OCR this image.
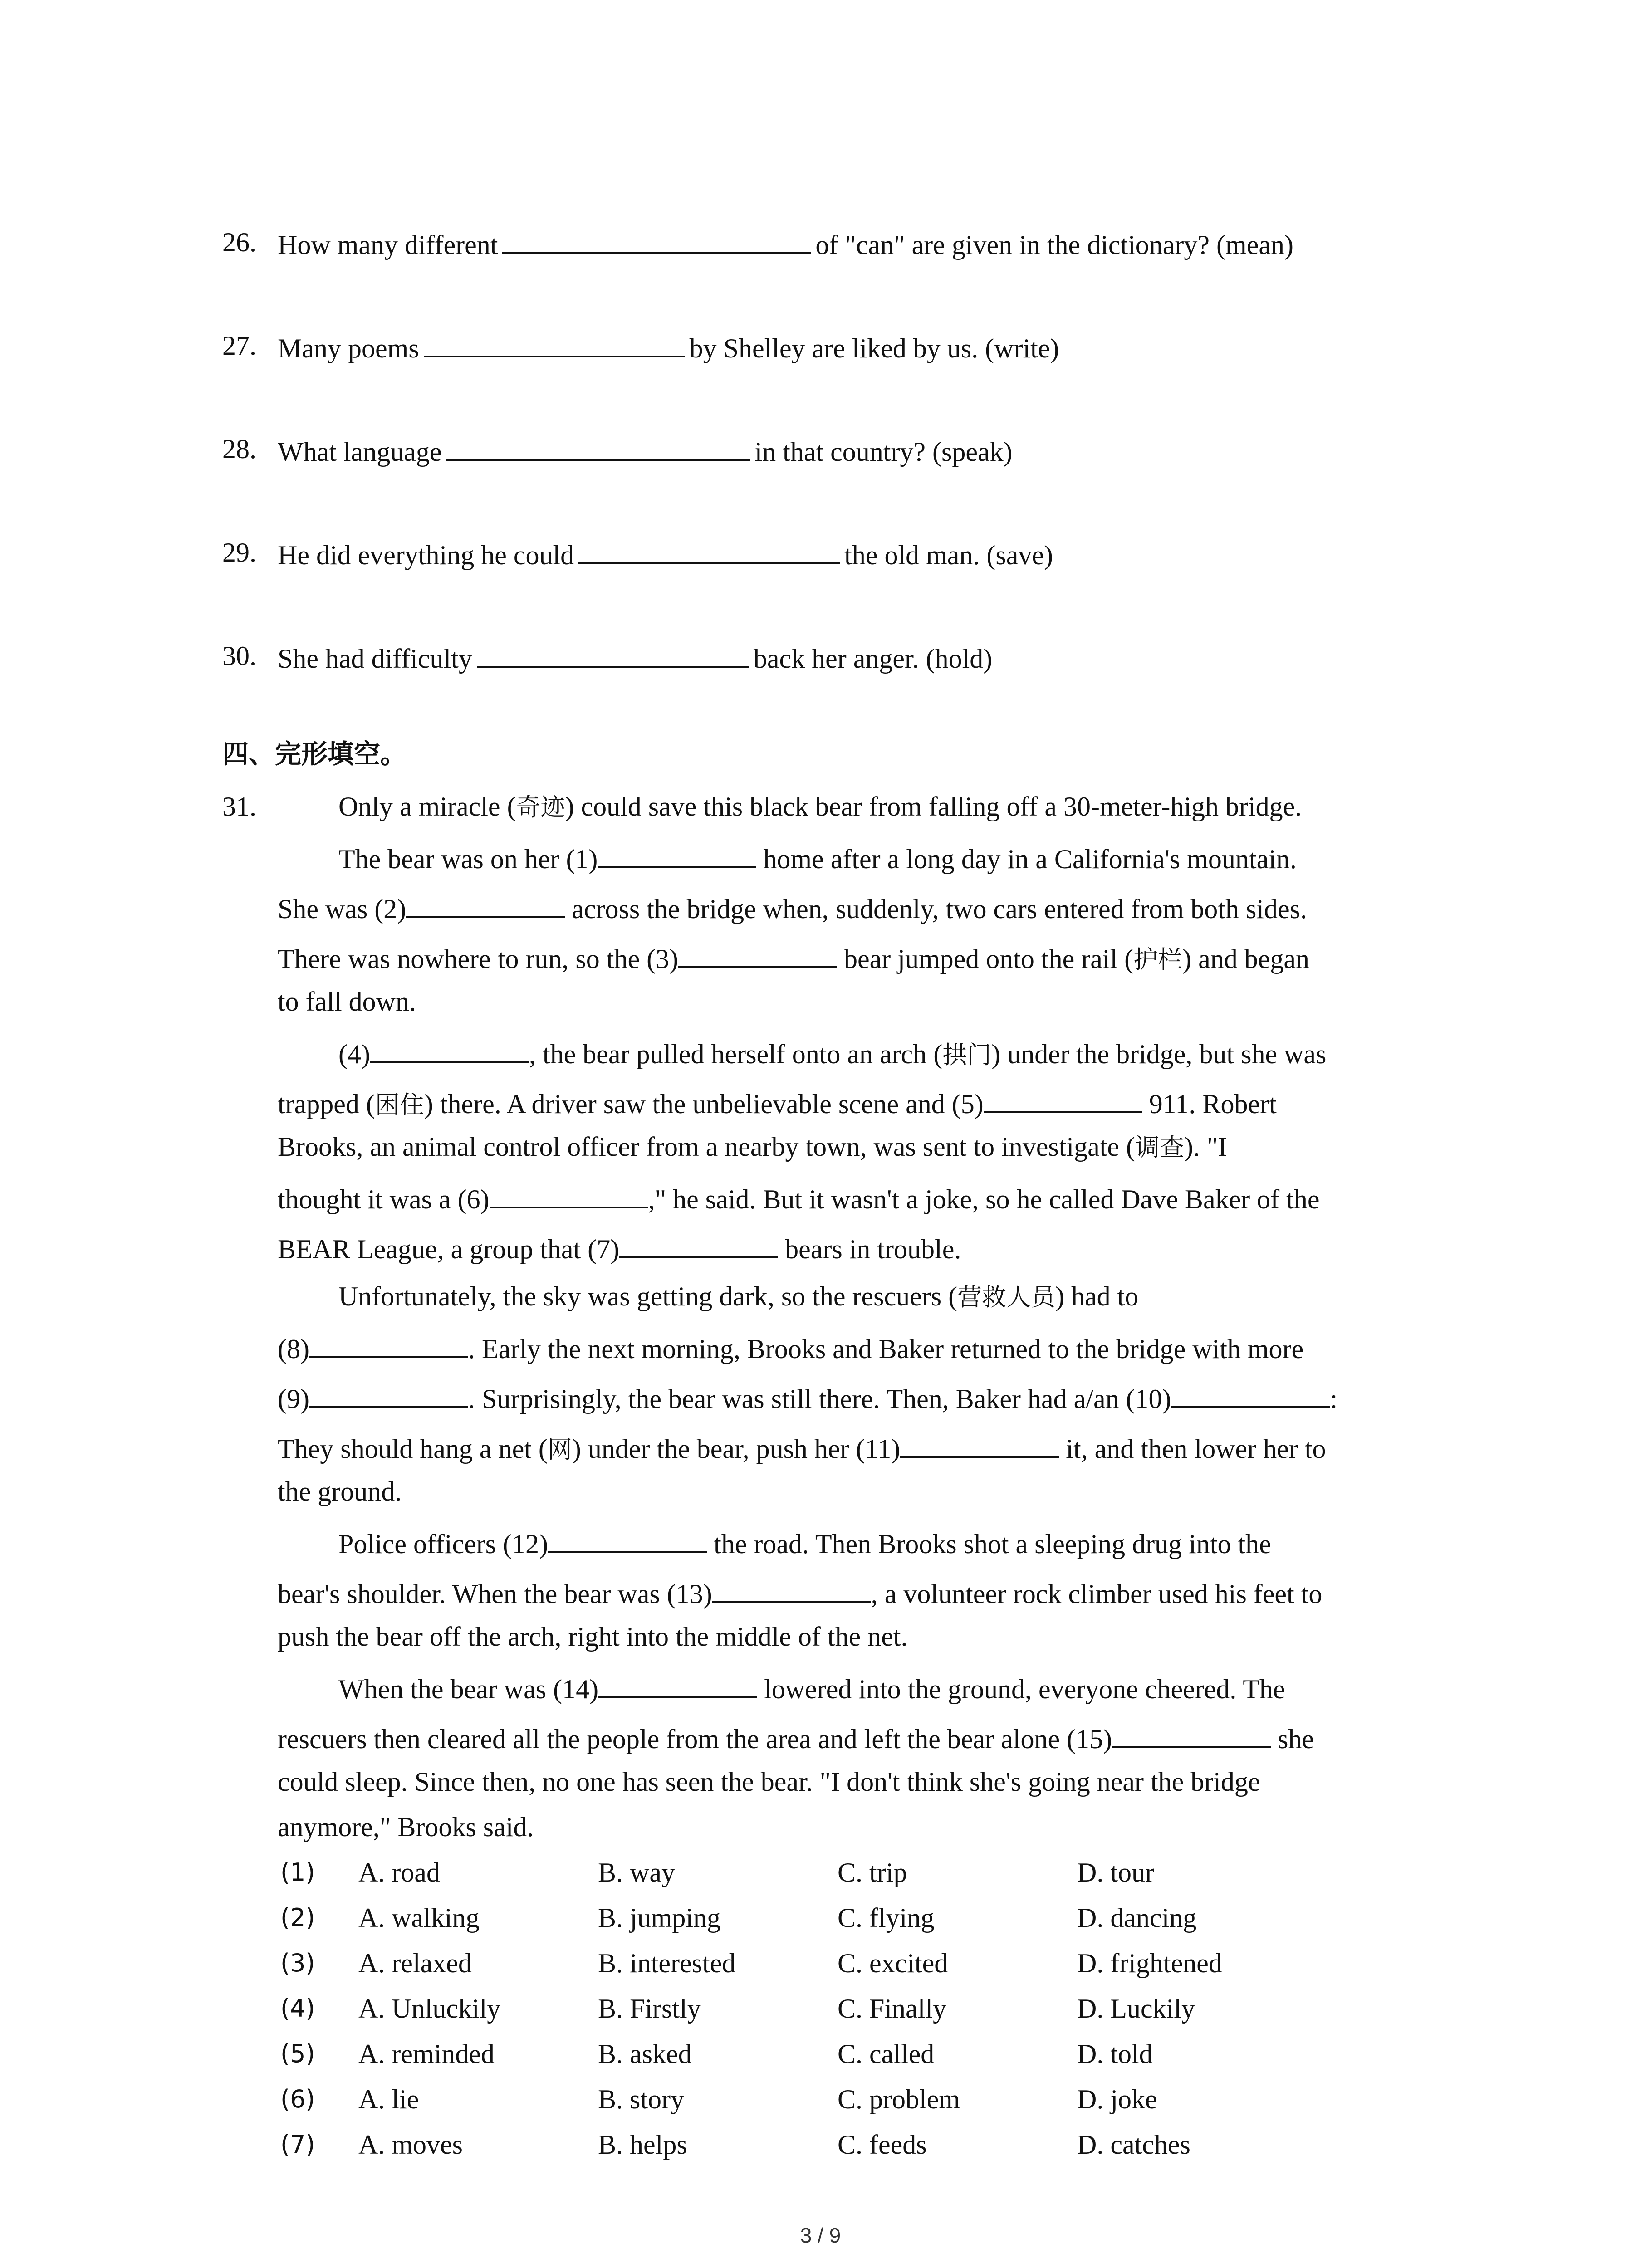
26. How many different	of "can" are given in the dictionary? (mean)
27. Many poems	by Shelley are liked by us. (write)
28. What language	in that country? (speak)
29. He did everything he could	the old man. (save)
30. She had difficulty	back her anger. (hold)
四、完形填空。
31.	Only a miracle (奇迹) could save this black bear from falling off a 30-meter-high bridge.
The bear was on her (1)	home after a long day in a California's mountain.
She was (2)	across the bridge when, suddenly, two cars entered from both sides.
There was nowhere to run, so the (3)	bear jumped onto the rail (护栏) and began
to fall down.
(4)	, the bear pulled herself onto an arch (拱门) under the bridge, but she was
trapped (困住) there. A driver saw the unbelievable scene and (5)	911. Robert
Brooks, an animal control officer from a nearby town, was sent to investigate (调查). "I
thought it was a (6)	," he said. But it wasn't a joke, so he called Dave Baker of the
BEAR League, a group that (7)	bears in trouble.
Unfortunately, the sky was getting dark, so the rescuers (营救人员) had to
(8)	. Early the next morning, Brooks and Baker returned to the bridge with more
(9)	. Surprisingly, the bear was still there. Then, Baker had a/an (10)	:
They should hang a net (网) under the bear, push her (11)	it, and then lower her to
the ground.
Police officers (12)	the road. Then Brooks shot a sleeping drug into the
bear's shoulder. When the bear was (13)	, a volunteer rock climber used his feet to
push the bear off the arch, right into the middle of the net.
When the bear was (14)	lowered into the ground, everyone cheered. The
rescuers then cleared all the people from the area and left the bear alone (15)	she
could sleep. Since then, no one has seen the bear. "I don't think she's going near the bridge
anymore," Brooks said.
(1) A. road	B. way	C. trip	D. tour
(2) A. walking	B. jumping	C. flying	D. dancing
(3) A. relaxed	B. interested	C. excited	D. frightened
(4) A. Unluckily	B. Firstly	C. Finally	D. Luckily
(5) A. reminded	B. asked	C. called	D. told
(6) A. lie	B. story	C. problem	D. joke
(7) A. moves	B. helps	C. feeds	D. catches
3 / 9
